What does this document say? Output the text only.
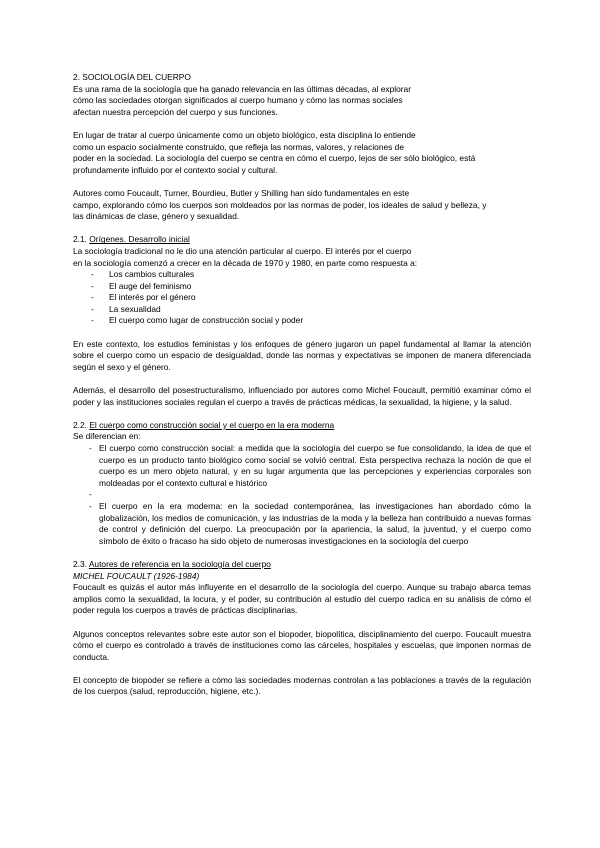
2. SOCIOLOGÍA DEL CUERPO

Es una rama de la sociología que ha ganado relevancia en las últimas décadas, al explorar
cómo las sociedades otorgan significados al cuerpo humano y cómo las normas sociales
afectan nuestra percepción del cuerpo y sus funciones.

En lugar de tratar al cuerpo únicamente como un objeto biológico, esta disciplina lo entiende
como un espacio socialmente construido, que refleja las normas, valores, y relaciones de
poder en la sociedad. La sociología del cuerpo se centra en cómo el cuerpo, lejos de ser sólo biológico, está
profundamente influido por el contexto social y cultural.

Autores como Foucault, Turner, Bourdieu, Butler y Shilling han sido fundamentales en este
campo, explorando cómo los cuerpos son moldeados por las normas de poder, los ideales de salud y belleza, y
las dinámicas de clase, género y sexualidad.

2.1. Orígenes. Desarrollo inicial

La sociología tradicional no le dio una atención particular al cuerpo. El interés por el cuerpo
en la sociología comenzó a crecer en la década de 1970 y 1980, en parte como respuesta a:

- Los cambios culturales
- El auge del feminismo
- El interés por el género
- La sexualidad
- El cuerpo como lugar de construcción social y poder

En este contexto, los estudios feministas y los enfoques de género jugaron un papel fundamental al llamar la atención sobre el cuerpo como un espacio de desigualdad, donde las normas y expectativas se imponen de manera diferenciada según el sexo y el género.

Además, el desarrollo del posestructuralismo, influenciado por autores como Michel Foucault, permitió examinar cómo el poder y las instituciones sociales regulan el cuerpo a través de prácticas médicas, la sexualidad, la higiene, y la salud.

2.2. El cuerpo como construcción social y el cuerpo en la era moderna

Se diferencian en:

- El cuerpo como construcción social: a medida que la sociología del cuerpo se fue consolidando, la idea de que el cuerpo es un producto tanto biológico como social se volvió central. Esta perspectiva rechaza la noción de que el cuerpo es un mero objeto natural, y en su lugar argumenta que las percepciones y experiencias corporales son moldeadas por el contexto cultural e histórico
-
- El cuerpo en la era moderna: en la sociedad contemporánea, las investigaciones han abordado cómo la globalización, los medios de comunicación, y las industrias de la moda y la belleza han contribuido a nuevas formas de control y definición del cuerpo. La preocupación por la apariencia, la salud, la juventud, y el cuerpo como símbolo de éxito o fracaso ha sido objeto de numerosas investigaciones en la sociología del cuerpo

2.3. Autores de referencia en la sociología del cuerpo

MICHEL FOUCAULT (1926-1984)

Foucault es quizás el autor más influyente en el desarrollo de la sociología del cuerpo. Aunque su trabajo abarca temas amplios como la sexualidad, la locura, y el poder, su contribución al estudio del cuerpo radica en su análisis de cómo el poder regula los cuerpos a través de prácticas disciplinarias.

Algunos conceptos relevantes sobre este autor son el biopoder, biopolítica, disciplinamiento del cuerpo. Foucault muestra cómo el cuerpo es controlado a través de instituciones como las cárceles, hospitales y escuelas, que imponen normas de conducta.

El concepto de biopoder se refiere a cómo las sociedades modernas controlan a las poblaciones a través de la regulación de los cuerpos (salud, reproducción, higiene, etc.).
